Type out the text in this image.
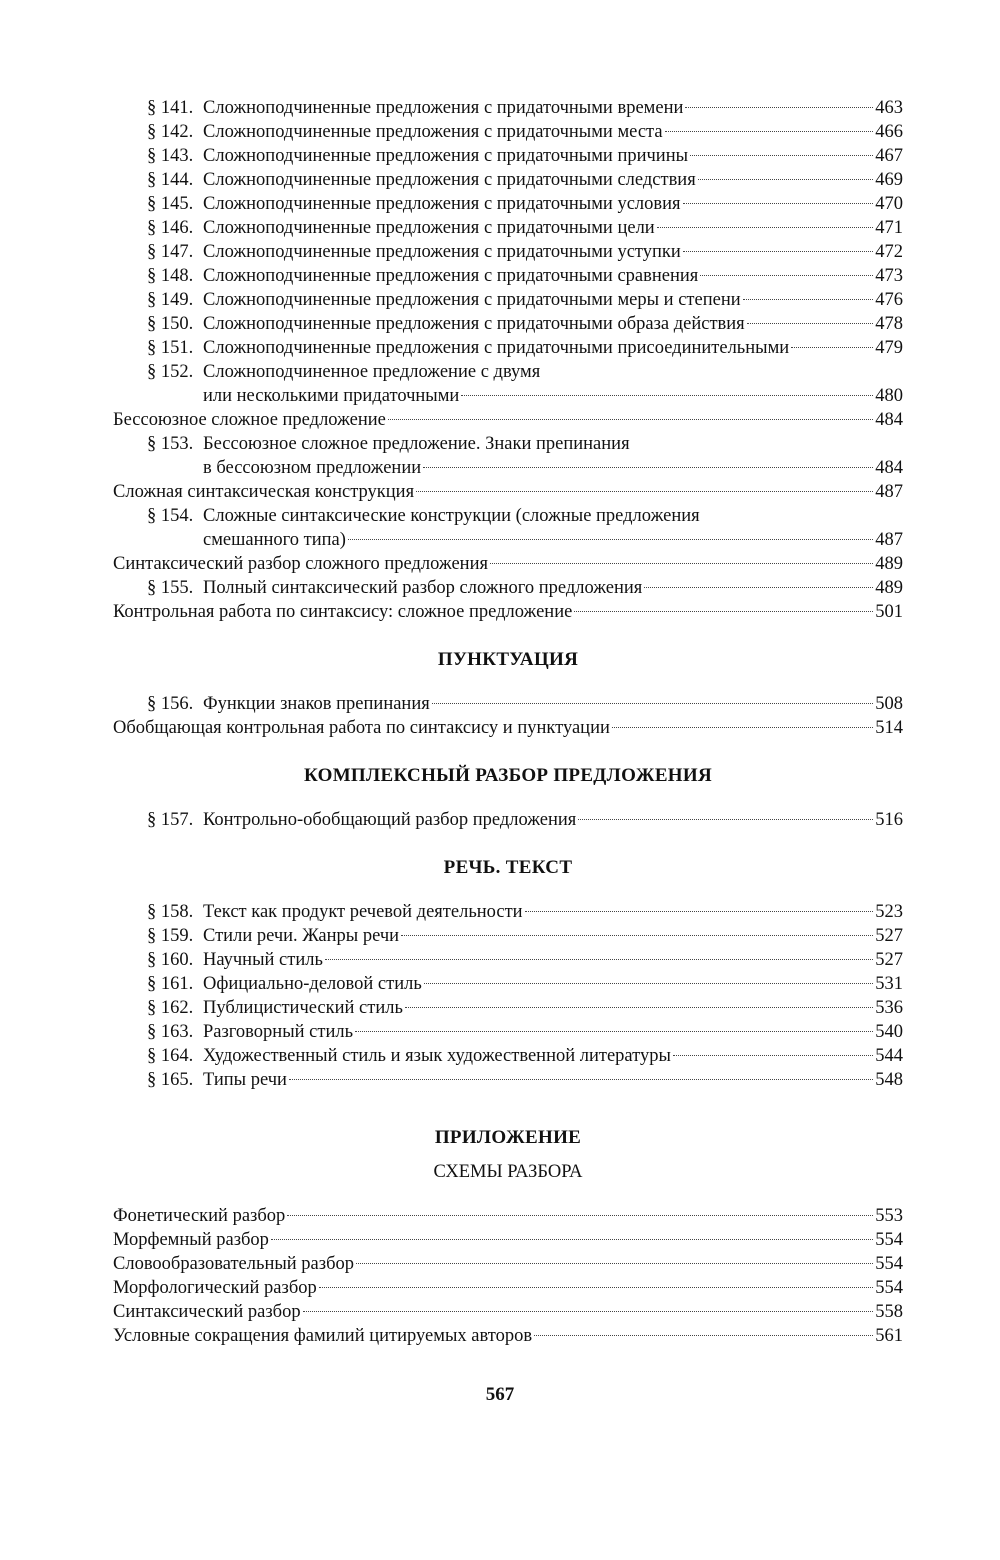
§ 141. Сложноподчиненные предложения с придаточными времени	463
§ 142. Сложноподчиненные предложения с придаточными места	466
§ 143. Сложноподчиненные предложения с придаточными причины	467
§ 144. Сложноподчиненные предложения с придаточными следствия	469
§ 145. Сложноподчиненные предложения с придаточными условия	470
§ 146. Сложноподчиненные предложения с придаточными цели	471
§ 147. Сложноподчиненные предложения с придаточными уступки	472
§ 148. Сложноподчиненные предложения с придаточными сравнения	473
§ 149. Сложноподчиненные предложения с придаточными меры и степени	476
§ 150. Сложноподчиненные предложения с придаточными образа действия	478
§ 151. Сложноподчиненные предложения с придаточными присоединительными	479
§ 152. Сложноподчиненное предложение с двумя
или несколькими придаточными	480
Бессоюзное сложное предложение	484
§ 153. Бессоюзное сложное предложение. Знаки препинания
в бессоюзном предложении	484
Сложная синтаксическая конструкция	487
§ 154. Сложные синтаксические конструкции (сложные предложения
смешанного типа)	487
Синтаксический разбор сложного предложения	489
§ 155. Полный синтаксический разбор сложного предложения	489
Контрольная работа по синтаксису: сложное предложение	501
ПУНКТУАЦИЯ
§ 156. Функции знаков препинания	508
Обобщающая контрольная работа по синтаксису и пунктуации	514
КОМПЛЕКСНЫЙ РАЗБОР ПРЕДЛОЖЕНИЯ
§ 157. Контрольно-обобщающий разбор предложения	516
РЕЧЬ. ТЕКСТ
§ 158. Текст как продукт речевой деятельности	523
§ 159. Стили речи. Жанры речи	527
§ 160. Научный стиль	527
§ 161. Официально-деловой стиль	531
§ 162. Публицистический стиль	536
§ 163. Разговорный стиль	540
§ 164. Художественный стиль и язык художественной литературы	544
§ 165. Типы речи	548
ПРИЛОЖЕНИЕ
СХЕМЫ РАЗБОРА
Фонетический разбор	553
Морфемный разбор	554
Словообразовательный разбор	554
Морфологический разбор	554
Синтаксический разбор	558
Условные сокращения фамилий цитируемых авторов	561
567
